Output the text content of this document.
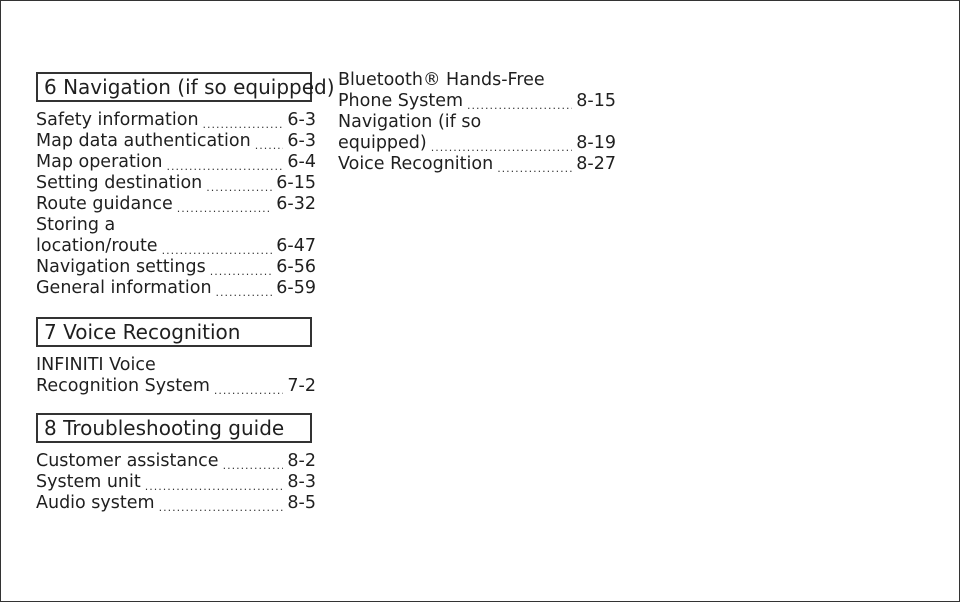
6 Navigation (if so equipped)
Safety information .....	6-3
Map data authentication ..... 6-3
Map operation .....	6-4
Setting destination .....	6-15
Route guidance .....	6-32
Storing a
location/route .....	6-47
Navigation settings .....	6-56
General information .....	6-59
7 Voice Recognition
INFINITI Voice
Recognition System .....	7-2
8 Troubleshooting guide
Customer assistance .....	8-2
System unit .....	8-3
Audio system .....	8-5
Bluetooth® Hands-Free
Phone System .....	8-15
Navigation (if so
equipped) .....	8-19
Voice Recognition .....	8-27
